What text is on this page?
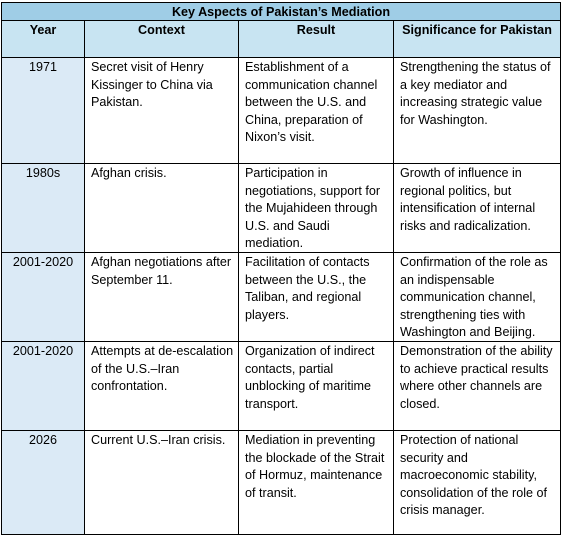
Key Aspects of Pakistan’s Mediation			
Year	Context	Result	Significance for Pakistan

1971	Secret visit of Henry Kissinger to China via Pakistan.	Establishment of a communication channel between the U.S. and China, preparation of Nixon’s visit.	Strengthening the status of a key mediator and increasing strategic value for Washington.

1980s	Afghan crisis.	Participation in negotiations, support for the Mujahideen through U.S. and Saudi mediation.	Growth of influence in regional politics, but intensification of internal risks and radicalization.

2001-2020	Afghan negotiations after September 11.	Facilitation of contacts between the U.S., the Taliban, and regional players.	Confirmation of the role as an indispensable communication channel, strengthening ties with Washington and Beijing.

2001-2020	Attempts at de-escalation of the U.S.–Iran confrontation.	Organization of indirect contacts, partial unblocking of maritime transport.	Demonstration of the ability to achieve practical results where other channels are closed.

2026	Current U.S.–Iran crisis.	Mediation in preventing the blockade of the Strait of Hormuz, maintenance of transit.	Protection of national security and macroeconomic stability, consolidation of the role of crisis manager.
